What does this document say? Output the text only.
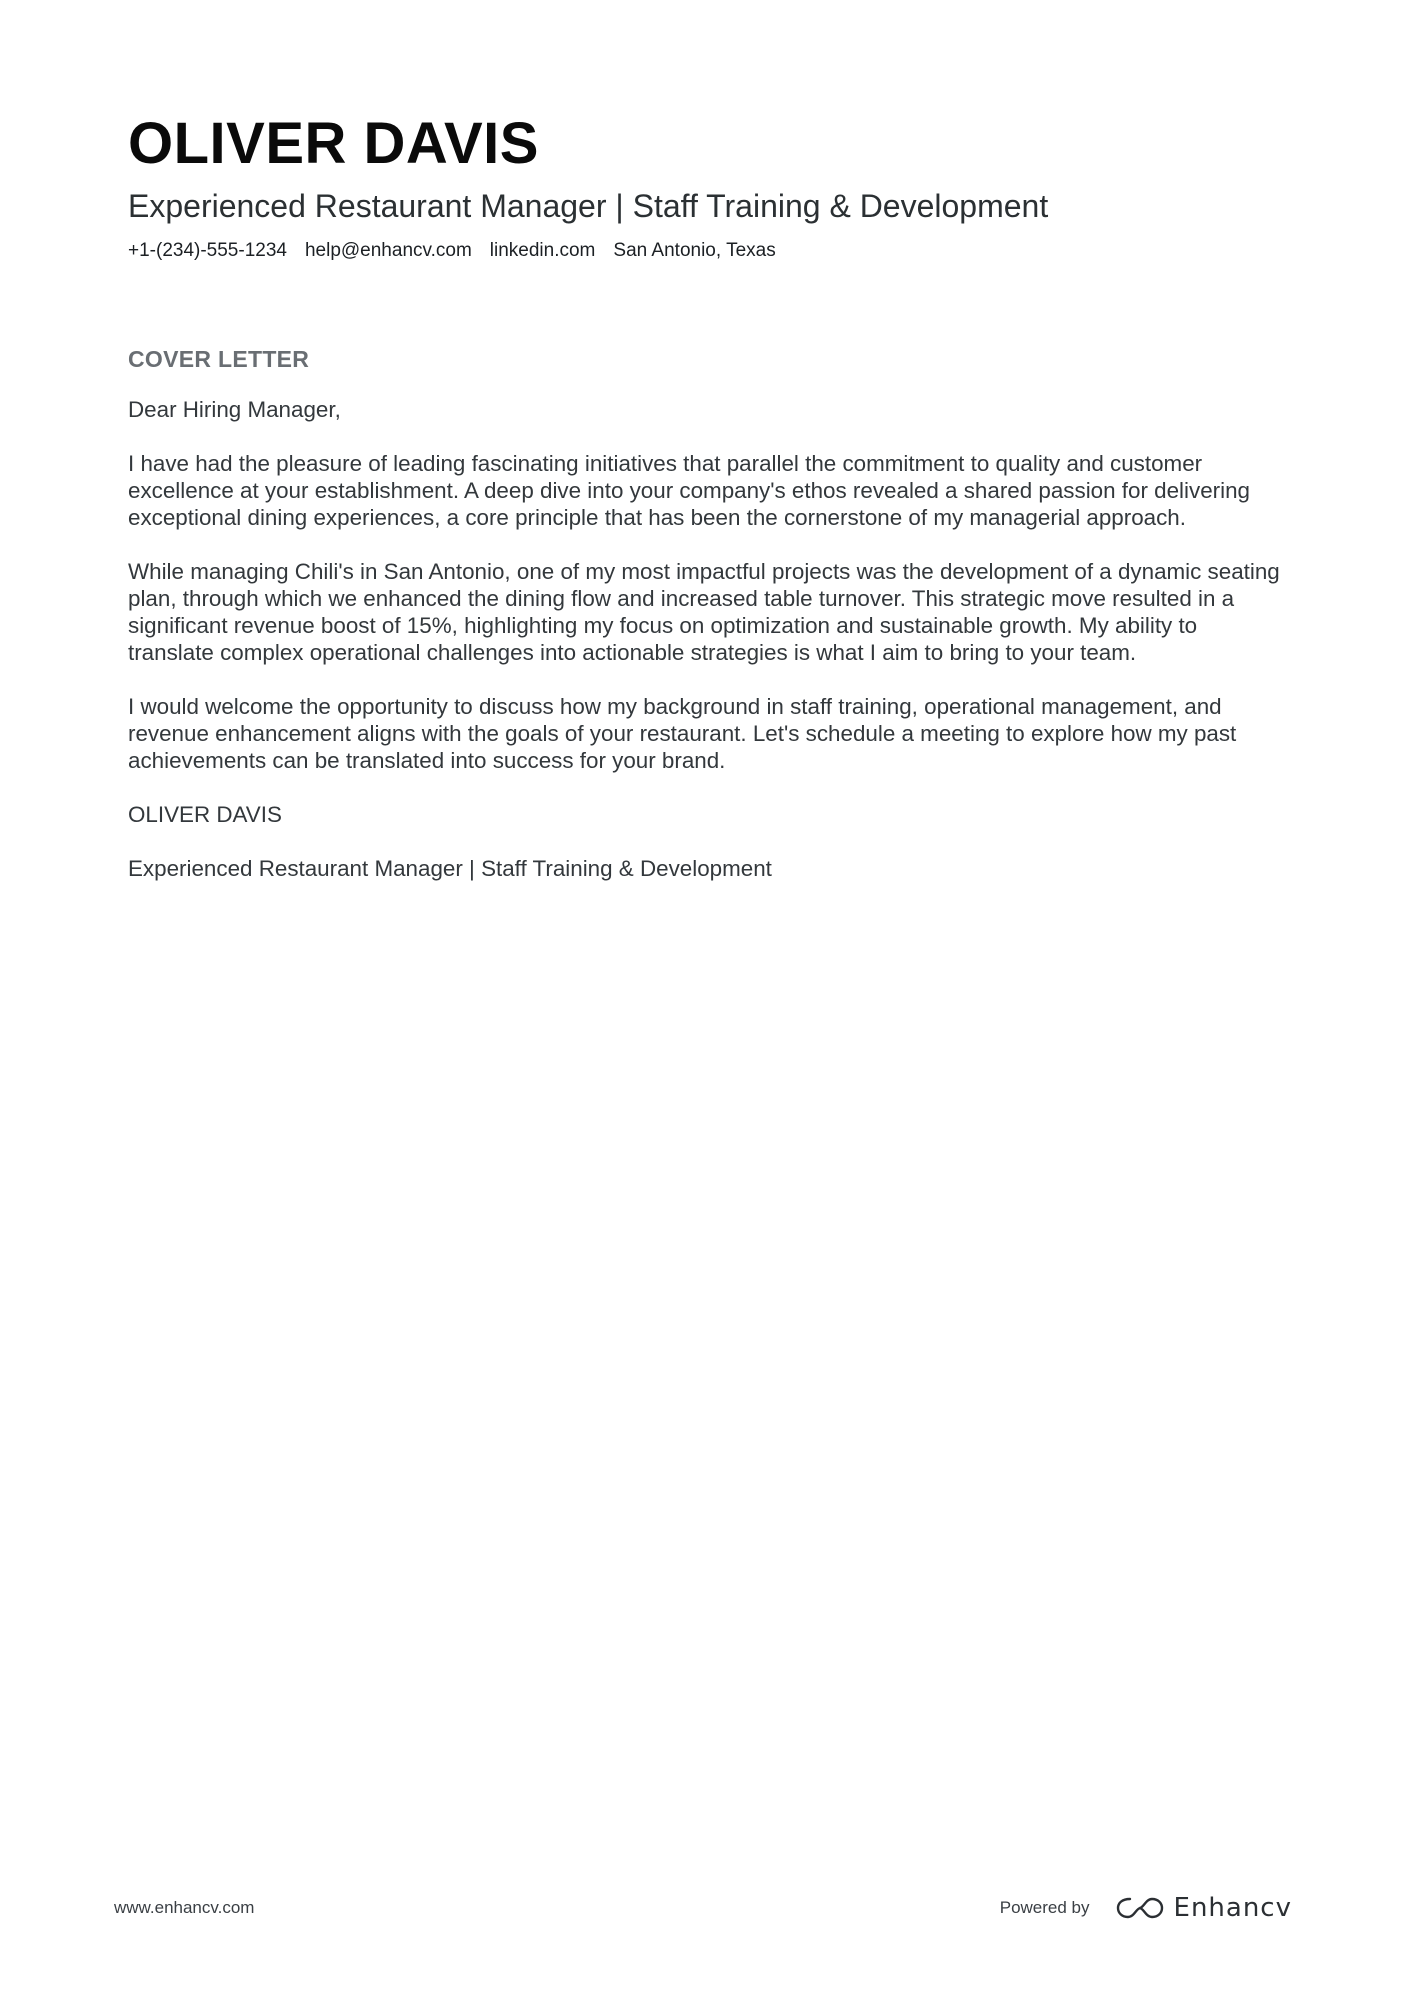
OLIVER DAVIS
Experienced Restaurant Manager | Staff Training & Development
+1-(234)-555-1234 help@enhancv.com linkedin.com San Antonio, Texas
COVER LETTER

Dear Hiring Manager,

I have had the pleasure of leading fascinating initiatives that parallel the commitment to quality and customer excellence at your establishment. A deep dive into your company's ethos revealed a shared passion for delivering exceptional dining experiences, a core principle that has been the cornerstone of my managerial approach.

While managing Chili's in San Antonio, one of my most impactful projects was the development of a dynamic seating plan, through which we enhanced the dining flow and increased table turnover. This strategic move resulted in a significant revenue boost of 15%, highlighting my focus on optimization and sustainable growth. My ability to translate complex operational challenges into actionable strategies is what I aim to bring to your team.

I would welcome the opportunity to discuss how my background in staff training, operational management, and revenue enhancement aligns with the goals of your restaurant. Let's schedule a meeting to explore how my past achievements can be translated into success for your brand.

OLIVER DAVIS

Experienced Restaurant Manager | Staff Training & Development

www.enhancv.com	Powered by	Enhancv
